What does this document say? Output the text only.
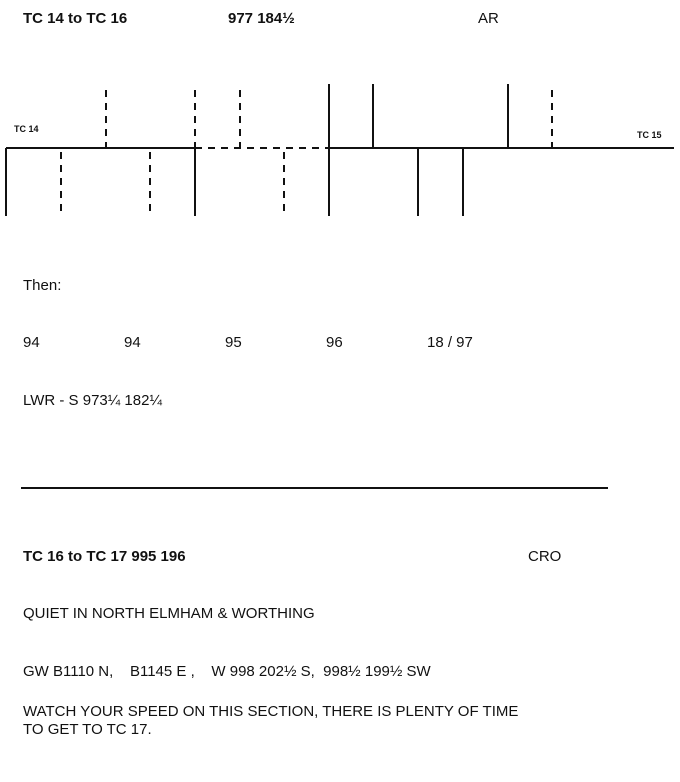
TC 14 to TC 16	977 184½	AR
TC 14
TC 15
Then:
94	94	95	96	18 / 97
LWR - S 973¼ 182¼
TC 16 to TC 17 995 196	CRO
QUIET IN NORTH ELMHAM & WORTHING
GW B1110 N,    B1145 E ,    W 998 202½ S,  998½ 199½ SW
WATCH YOUR SPEED ON THIS SECTION, THERE IS PLENTY OF TIME
TO GET TO TC 17.
